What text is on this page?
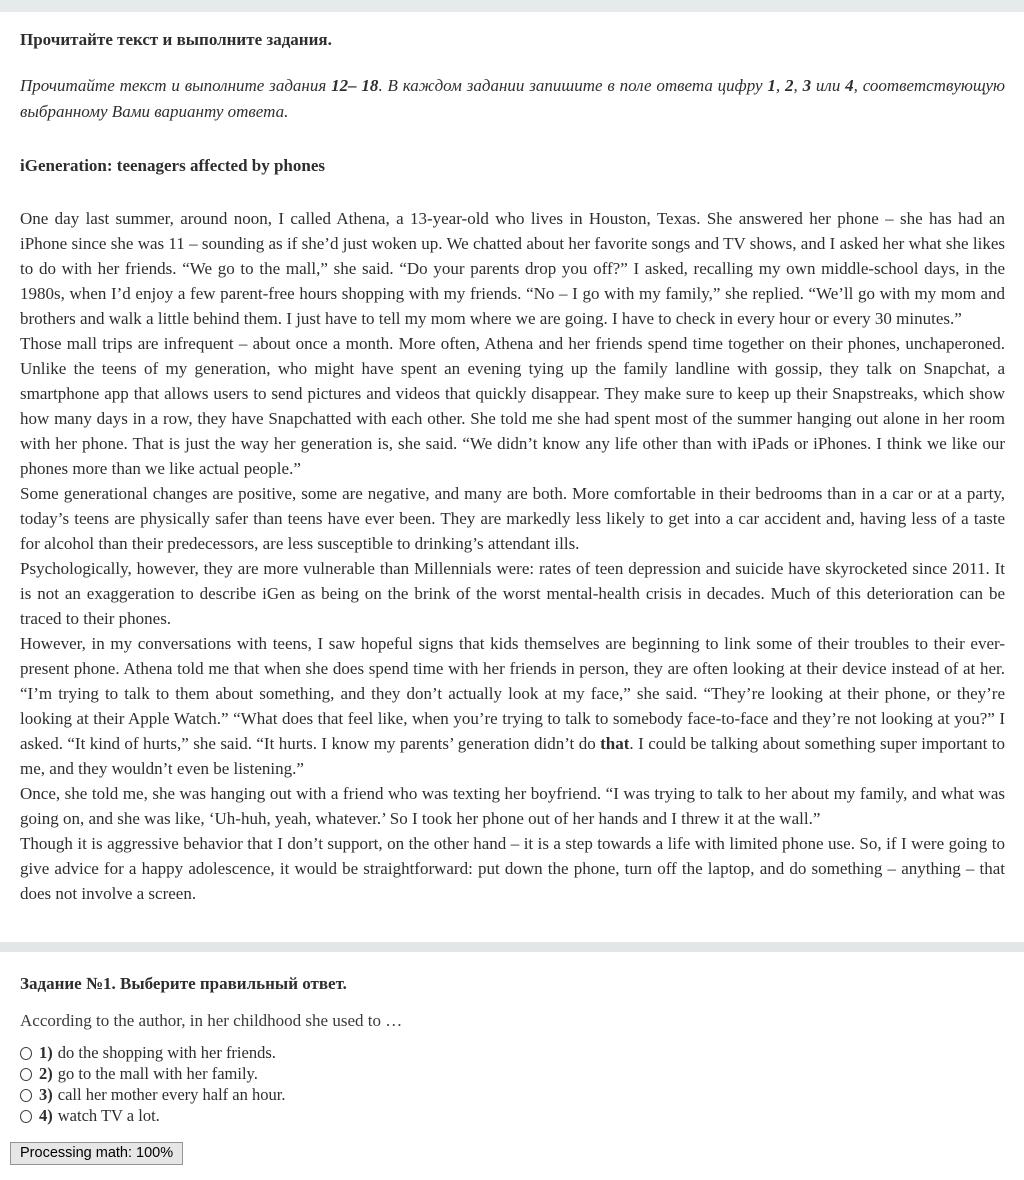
Прочитайте текст и выполните задания.

Прочитайте текст и выполните задания 12– 18. В каждом задании запишите в поле ответа цифру 1, 2, 3 или 4, соответствующую выбранному Вами варианту ответа.

iGeneration: teenagers affected by phones

One day last summer, around noon, I called Athena, a 13-year-old who lives in Houston, Texas. She answered her phone – she has had an iPhone since she was 11 – sounding as if she’d just woken up. We chatted about her favorite songs and TV shows, and I asked her what she likes to do with her friends. “We go to the mall,” she said. “Do your parents drop you off?” I asked, recalling my own middle-school days, in the 1980s, when I’d enjoy a few parent-free hours shopping with my friends. “No – I go with my family,” she replied. “We’ll go with my mom and brothers and walk a little behind them. I just have to tell my mom where we are going. I have to check in every hour or every 30 minutes.”

Those mall trips are infrequent – about once a month. More often, Athena and her friends spend time together on their phones, unchaperoned. Unlike the teens of my generation, who might have spent an evening tying up the family landline with gossip, they talk on Snapchat, a smartphone app that allows users to send pictures and videos that quickly disappear. They make sure to keep up their Snapstreaks, which show how many days in a row, they have Snapchatted with each other. She told me she had spent most of the summer hanging out alone in her room with her phone. That is just the way her generation is, she said. “We didn’t know any life other than with iPads or iPhones. I think we like our phones more than we like actual people.”

Some generational changes are positive, some are negative, and many are both. More comfortable in their bedrooms than in a car or at a party, today’s teens are physically safer than teens have ever been. They are markedly less likely to get into a car accident and, having less of a taste for alcohol than their predecessors, are less susceptible to drinking’s attendant ills.

Psychologically, however, they are more vulnerable than Millennials were: rates of teen depression and suicide have skyrocketed since 2011. It is not an exaggeration to describe iGen as being on the brink of the worst mental-health crisis in decades. Much of this deterioration can be traced to their phones.

However, in my conversations with teens, I saw hopeful signs that kids themselves are beginning to link some of their troubles to their ever-present phone. Athena told me that when she does spend time with her friends in person, they are often looking at their device instead of at her. “I’m trying to talk to them about something, and they don’t actually look at my face,” she said. “They’re looking at their phone, or they’re looking at their Apple Watch.” “What does that feel like, when you’re trying to talk to somebody face-to-face and they’re not looking at you?” I asked. “It kind of hurts,” she said. “It hurts. I know my parents’ generation didn’t do that. I could be talking about something super important to me, and they wouldn’t even be listening.”

Once, she told me, she was hanging out with a friend who was texting her boyfriend. “I was trying to talk to her about my family, and what was going on, and she was like, ‘Uh-huh, yeah, whatever.’ So I took her phone out of her hands and I threw it at the wall.”

Though it is aggressive behavior that I don’t support, on the other hand – it is a step towards a life with limited phone use. So, if I were going to give advice for a happy adolescence, it would be straightforward: put down the phone, turn off the laptop, and do something – anything – that does not involve a screen.

Задание №1. Выберите правильный ответ.
According to the author, in her childhood she used to …
1) do the shopping with her friends.
2) go to the mall with her family.
3) call her mother every half an hour.
4) watch TV a lot.
Processing math: 100%
